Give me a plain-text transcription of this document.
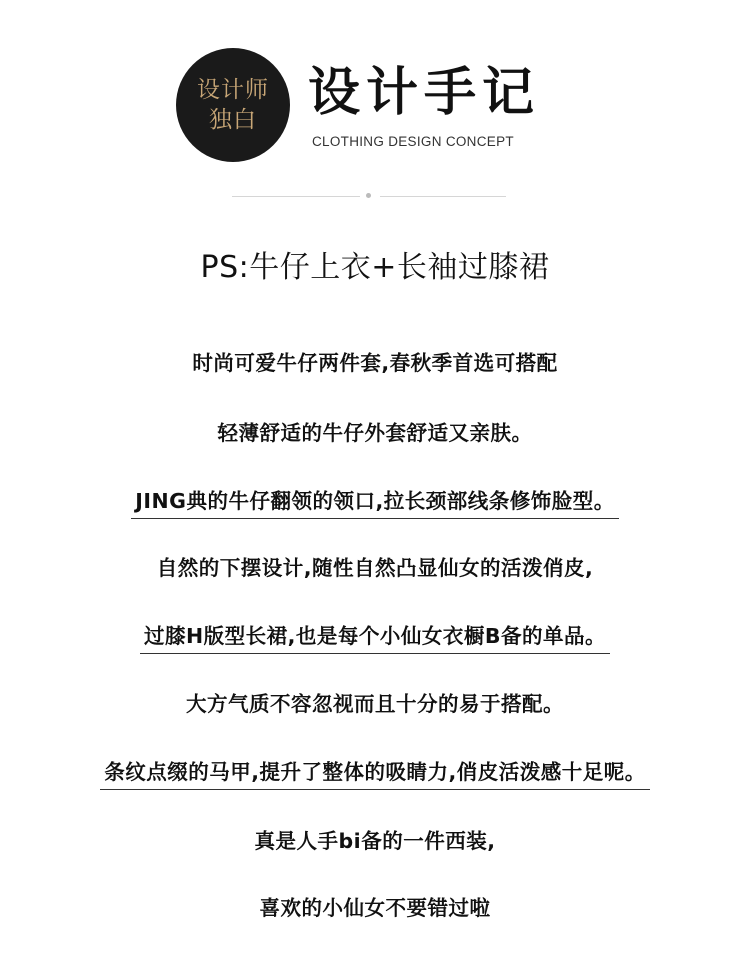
设计师
独白 设计手记
CLOTHING DESIGN CONCEPT
PS:牛仔上衣+长袖过膝裙
时尚可爱牛仔两件套,春秋季首选可搭配
轻薄舒适的牛仔外套舒适又亲肤。
JING典的牛仔翻领的领口,拉长颈部线条修饰脸型。
自然的下摆设计,随性自然凸显仙女的活泼俏皮,
过膝H版型长裙,也是每个小仙女衣橱B备的单品。
大方气质不容忽视而且十分的易于搭配。
条纹点缀的马甲,提升了整体的吸睛力,俏皮活泼感十足呢。
真是人手bi备的一件西装,
喜欢的小仙女不要错过啦
